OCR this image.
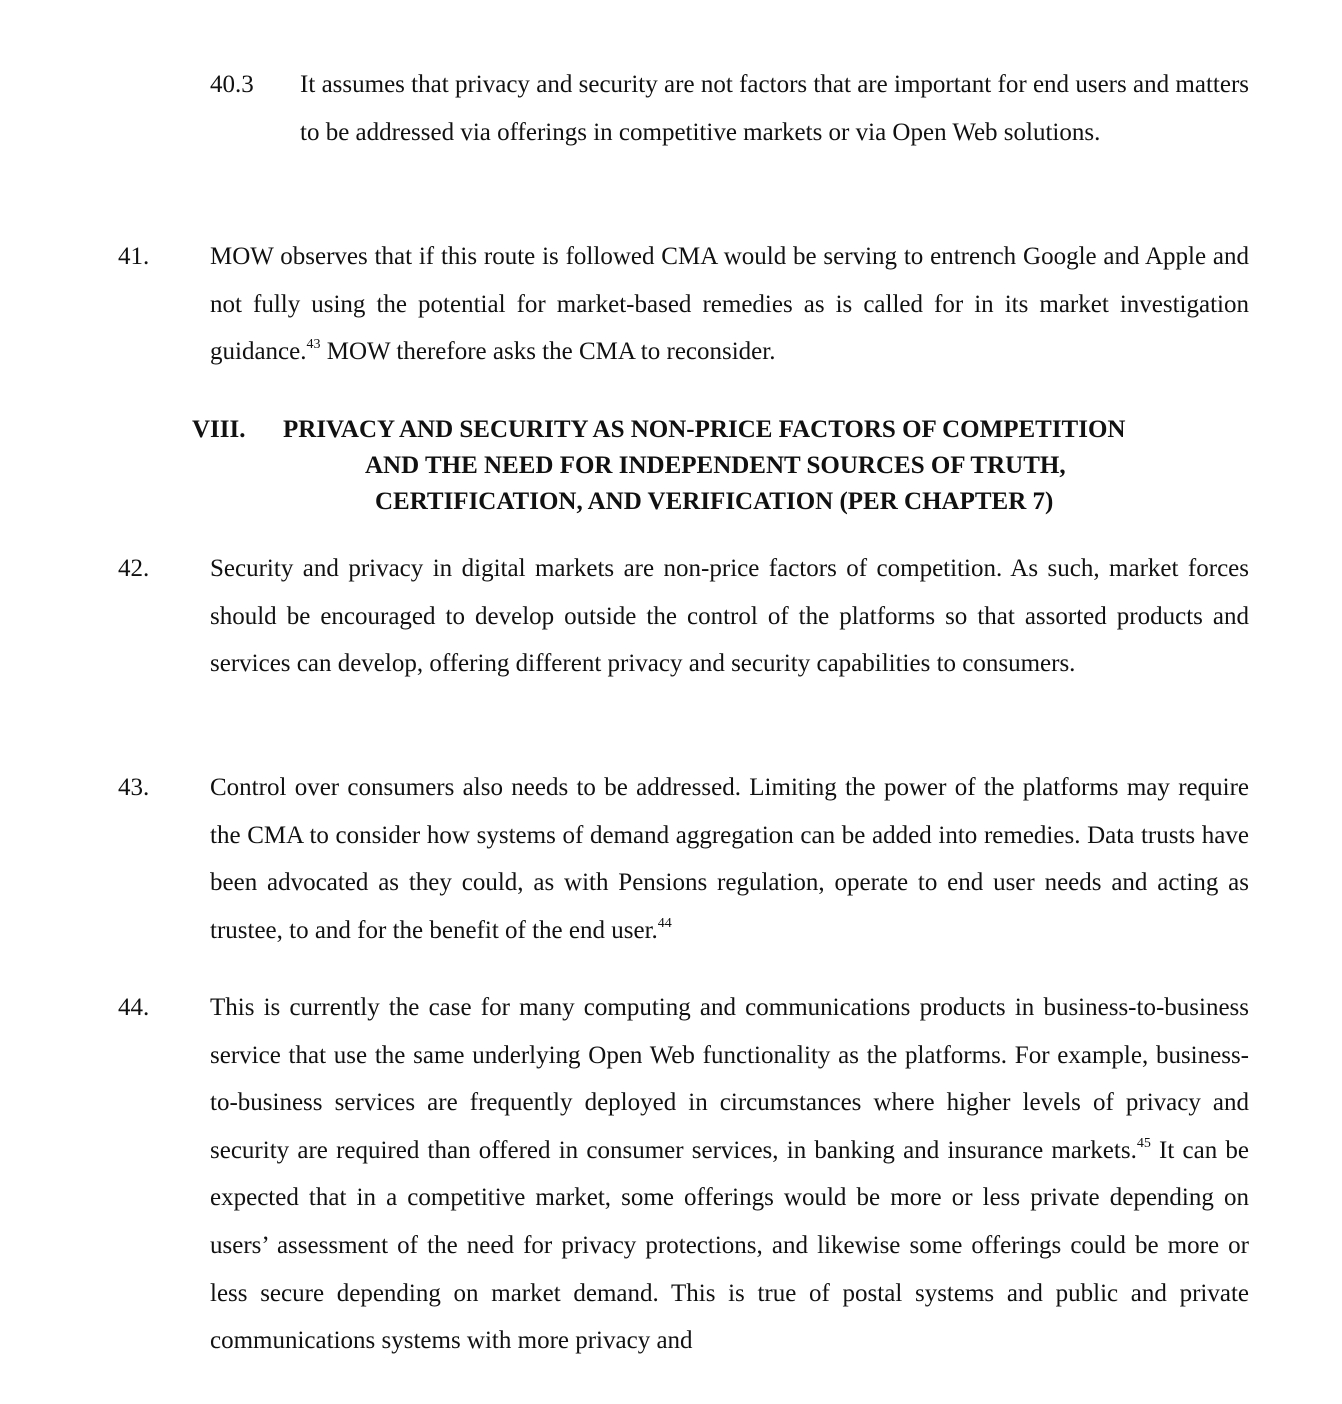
40.3 It assumes that privacy and security are not factors that are important for end users and matters to be addressed via offerings in competitive markets or via Open Web solutions.

41. MOW observes that if this route is followed CMA would be serving to entrench Google and Apple and not fully using the potential for market-based remedies as is called for in its market investigation guidance.$^{43}$ MOW therefore asks the CMA to reconsider.

VIII. PRIVACY AND SECURITY AS NON-PRICE FACTORS OF COMPETITION
AND THE NEED FOR INDEPENDENT SOURCES OF TRUTH,
CERTIFICATION, AND VERIFICATION (PER CHAPTER 7)
42. Security and privacy in digital markets are non-price factors of competition. As such, market forces should be encouraged to develop outside the control of the platforms so that assorted products and services can develop, offering different privacy and security capabilities to consumers.

43. Control over consumers also needs to be addressed. Limiting the power of the platforms may require the CMA to consider how systems of demand aggregation can be added into remedies. Data trusts have been advocated as they could, as with Pensions regulation, operate to end user needs and acting as trustee, to and for the benefit of the end user.$^{44}$

44. This is currently the case for many computing and communications products in business-to-business service that use the same underlying Open Web functionality as the platforms. For example, business-to-business services are frequently deployed in circumstances where higher levels of privacy and security are required than offered in consumer services, in banking and insurance markets.$^{45}$ It can be expected that in a competitive market, some offerings would be more or less private depending on users’ assessment of the need for privacy protections, and likewise some offerings could be more or less secure depending on market demand. This is true of postal systems and public and private communications systems with more privacy and
